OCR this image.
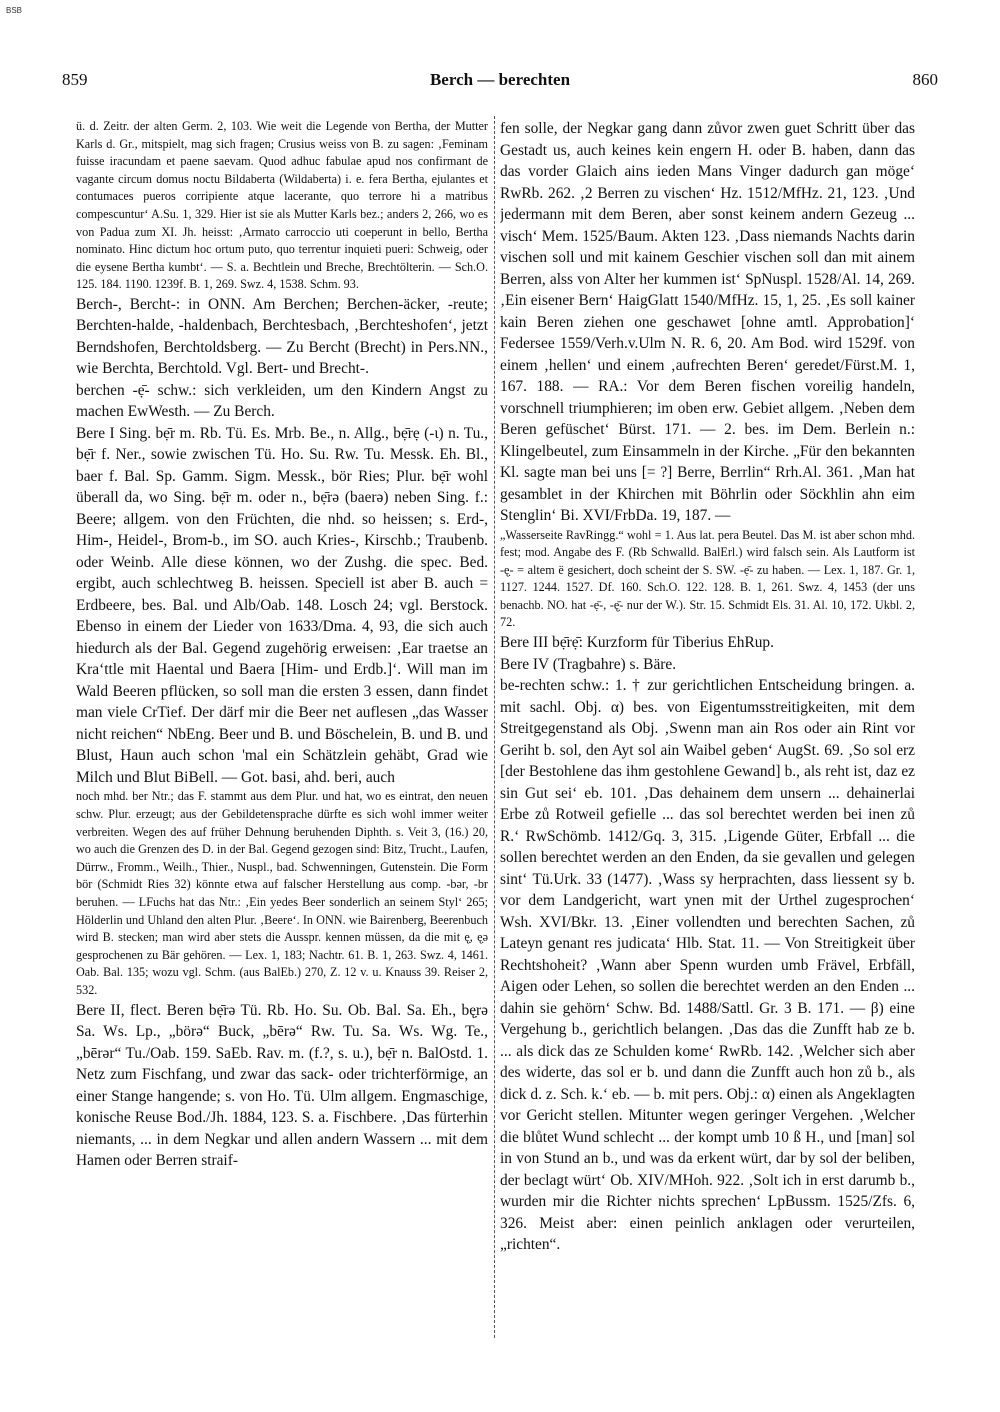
BSB
859	Berch — berechten	860

ü. d. Zeitr. der alten Germ. 2, 103. Wie weit die Legende von Bertha, der Mutter Karls d. Gr., mitspielt, mag sich fragen; Crusius weiss von B. zu sagen: ‚Feminam fuisse iracundam et paene saevam. Quod adhuc fabulae apud nos confirmant de vagante circum domus noctu Bildaberta (Wildaberta) i. e. fera Bertha, ejulantes et contumaces pueros corripiente atque lacerante, quo terrore hi a matribus compescuntur‘ A.Su. 1, 329. Hier ist sie als Mutter Karls bez.; anders 2, 266, wo es von Padua zum XI. Jh. heisst: ‚Armato carroccio uti coeperunt in bello, Bertha nominato. Hinc dictum hoc ortum puto, quo terrentur inquieti pueri: Schweig, oder die eysene Bertha kumbt‘. — S. a. Bechtlein und Breche, Brechtölterin. — Sch.O. 125. 184. 1190. 1239f. B. 1, 269. Swz. 4, 1538. Schm. 93.

Berch-, Bercht-: in ONN. Am Berchen; Berchen-äcker, -reute; Berchten-halde, -haldenbach, Berchtesbach, ‚Berchteshofen‘, jetzt Berndshofen, Berchtoldsberg. — Zu Bercht (Brecht) in Pers.NN., wie Berchta, Berchtold. Vgl. Bert- und Brecht-.

berchen -ẹ̄- schw.: sich verkleiden, um den Kindern Angst zu machen EwWesth. — Zu Berch.

Bere I Sing. bẹ̄r m. Rb. Tü. Es. Mrb. Be., n. Allg., bẹ̄rẹ (-ɩ) n. Tu., bẹ̄r f. Ner., sowie zwischen Tü. Ho. Su. Rw. Tu. Messk. Eh. Bl., baer f. Bal. Sp. Gamm. Sigm. Messk., bör Ries; Plur. bẹ̄r wohl überall da, wo Sing. bẹ̄r m. oder n., bẹ̄rə (baerə) neben Sing. f.: Beere; allgem. von den Früchten, die nhd. so heissen; s. Erd-, Him-, Heidel-, Brom-b., im SO. auch Kries-, Kirschb.; Traubenb. oder Weinb. Alle diese können, wo der Zushg. die spec. Bed. ergibt, auch schlechtweg B. heissen. Speciell ist aber B. auch = Erdbeere, bes. Bal. und Alb/Oab. 148. Losch 24; vgl. Berstock. Ebenso in einem der Lieder von 1633/Dma. 4, 93, die sich auch hiedurch als der Bal. Gegend zugehörig erweisen: ‚Ear traetse an Kra‘ttle mit Haental und Baera [Him- und Erdb.]‘. Will man im Wald Beeren pflücken, so soll man die ersten 3 essen, dann findet man viele CrTief. Der därf mir die Beer net auflesen „das Wasser nicht reichen“ NbEng. Beer und B. und Böschelein, B. und B. und Blust, Haun auch schon 'mal ein Schätzlein gehäbt, Grad wie Milch und Blut BiBell. — Got. basi, ahd. beri, auch

noch mhd. ber Ntr.; das F. stammt aus dem Plur. und hat, wo es eintrat, den neuen schw. Plur. erzeugt; aus der Gebildetensprache dürfte es sich wohl immer weiter verbreiten. Wegen des auf früher Dehnung beruhenden Diphth. s. Veit 3, (16.) 20, wo auch die Grenzen des D. in der Bal. Gegend gezogen sind: Bitz, Trucht., Laufen, Dürrw., Fromm., Weilh., Thier., Nuspl., bad. Schwenningen, Gutenstein. Die Form bör (Schmidt Ries 32) könnte etwa auf falscher Herstellung aus comp. -bər, -br beruhen. — LFuchs hat das Ntr.: ‚Ein yedes Beer sonderlich an seinem Styl‘ 265; Hölderlin und Uhland den alten Plur. ‚Beere‘. In ONN. wie Bairenberg, Beerenbuch wird B. stecken; man wird aber stets die Ausspr. kennen müssen, da die mit ę̣, ę̣ə gesprochenen zu Bär gehören. — Lex. 1, 183; Nachtr. 61. B. 1, 263. Swz. 4, 1461. Oab. Bal. 135; wozu vgl. Schm. (aus BalEb.) 270, Z. 12 v. u. Knauss 39. Reiser 2, 532.

Bere II, flect. Beren bẹ̄rə Tü. Rb. Ho. Su. Ob. Bal. Sa. Eh., bę̣rə Sa. Ws. Lp., „börə“ Buck, „bērə“ Rw. Tu. Sa. Ws. Wg. Te., „bērər“ Tu./Oab. 159. SaEb. Rav. m. (f.?, s. u.), bẹ̄r n. BalOstd. 1. Netz zum Fischfang, und zwar das sack- oder trichterförmige, an einer Stange hangende; s. von Ho. Tü. Ulm allgem. Engmaschige, konische Reuse Bod./Jh. 1884, 123. S. a. Fischbere. ‚Das fürterhin niemants, ... in dem Negkar und allen andern Wassern ... mit dem Hamen oder Berren straif-

fen solle, der Negkar gang dann zůvor zwen guet Schritt über das Gestadt us, auch keines kein engern H. oder B. haben, dann das das vorder Glaich ains ieden Mans Vinger dadurch gan möge‘ RwRb. 262. ‚2 Berren zu vischen‘ Hz. 1512/MfHz. 21, 123. ‚Und jedermann mit dem Beren, aber sonst keinem andern Gezeug ... visch‘ Mem. 1525/Baum. Akten 123. ‚Dass niemands Nachts darin vischen soll und mit kainem Geschier vischen soll dan mit ainem Berren, alss von Alter her kummen ist‘ SpNuspl. 1528/Al. 14, 269. ‚Ein eisener Bern‘ HaigGlatt 1540/MfHz. 15, 1, 25. ‚Es soll kainer kain Beren ziehen one geschawet [ohne amtl. Approbation]‘ Federsee 1559/Verh.v.Ulm N. R. 6, 20. Am Bod. wird 1529f. von einem ‚hellen‘ und einem ‚aufrechten Beren‘ geredet/Fürst.M. 1, 167. 188. — RA.: Vor dem Beren fischen voreilig handeln, vorschnell triumphieren; im oben erw. Gebiet allgem. ‚Neben dem Beren gefüschet‘ Bürst. 171. — 2. bes. im Dem. Berlein n.: Klingelbeutel, zum Einsammeln in der Kirche. „Für den bekannten Kl. sagte man bei uns [= ?] Berre, Berrlin“ Rrh.Al. 361. ‚Man hat gesamblet in der Khirchen mit Böhrlin oder Söckhlin ahn eim Stenglin‘ Bi. XVI/FrbDa. 19, 187. —

„Wasserseite RavRingg.“ wohl = 1. Aus lat. pera Beutel. Das M. ist aber schon mhd. fest; mod. Angabe des F. (Rb Schwalld. BalErl.) wird falsch sein. Als Lautform ist -ę̣- = altem ë gesichert, doch scheint der S. SW. -ẹ̄- zu haben. — Lex. 1, 187. Gr. 1, 1127. 1244. 1527. Df. 160. Sch.O. 122. 128. B. 1, 261. Swz. 4, 1453 (der uns benachb. NO. hat -ẹ̄-, -ę̣̄- nur der W.). Str. 15. Schmidt Els. 31. Al. 10, 172. Ukbl. 2, 72.

Bere III bẹ̄rẹ̄: Kurzform für Tiberius EhRup.

Bere IV (Tragbahre) s. Bäre.

be-rechten schw.: 1. † zur gerichtlichen Entscheidung bringen. a. mit sachl. Obj. α) bes. von Eigentumsstreitigkeiten, mit dem Streitgegenstand als Obj. ‚Swenn man ain Ros oder ain Rint vor Geriht b. sol, den Ayt sol ain Waibel geben‘ AugSt. 69. ‚So sol erz [der Bestohlene das ihm gestohlene Gewand] b., als reht ist, daz ez sin Gut sei‘ eb. 101. ‚Das dehainem dem unsern ... dehainerlai Erbe zů Rotweil gefielle ... das sol berechtet werden bei inen zů R.‘ RwSchömb. 1412/Gq. 3, 315. ‚Ligende Güter, Erbfall ... die sollen berechtet werden an den Enden, da sie gevallen und gelegen sint‘ Tü.Urk. 33 (1477). ‚Wass sy herprachten, dass liessent sy b. vor dem Landgericht, wart ynen mit der Urthel zugesprochen‘ Wsh. XVI/Bkr. 13. ‚Einer vollendten und berechten Sachen, zů Lateyn genant res judicata‘ Hlb. Stat. 11. — Von Streitigkeit über Rechtshoheit? ‚Wann aber Spenn wurden umb Frävel, Erbfäll, Aigen oder Lehen, so sollen die berechtet werden an den Enden ... dahin sie gehörn‘ Schw. Bd. 1488/Sattl. Gr. 3 B. 171. — β) eine Vergehung b., gerichtlich belangen. ‚Das das die Zunfft hab ze b. ... als dick das ze Schulden kome‘ RwRb. 142. ‚Welcher sich aber des widerte, das sol er b. und dann die Zunfft auch hon zů b., als dick d. z. Sch. k.‘ eb. — b. mit pers. Obj.: α) einen als Angeklagten vor Gericht stellen. Mitunter wegen geringer Vergehen. ‚Welcher die blůtet Wund schlecht ... der kompt umb 10 ß H., und [man] sol in von Stund an b., und was da erkent würt, dar by sol der beliben, der beclagt würt‘ Ob. XIV/MHoh. 922. ‚Solt ich in erst darumb b., wurden mir die Richter nichts sprechen‘ LpBussm. 1525/Zfs. 6, 326. Meist aber: einen peinlich anklagen oder verurteilen, „richten“.
